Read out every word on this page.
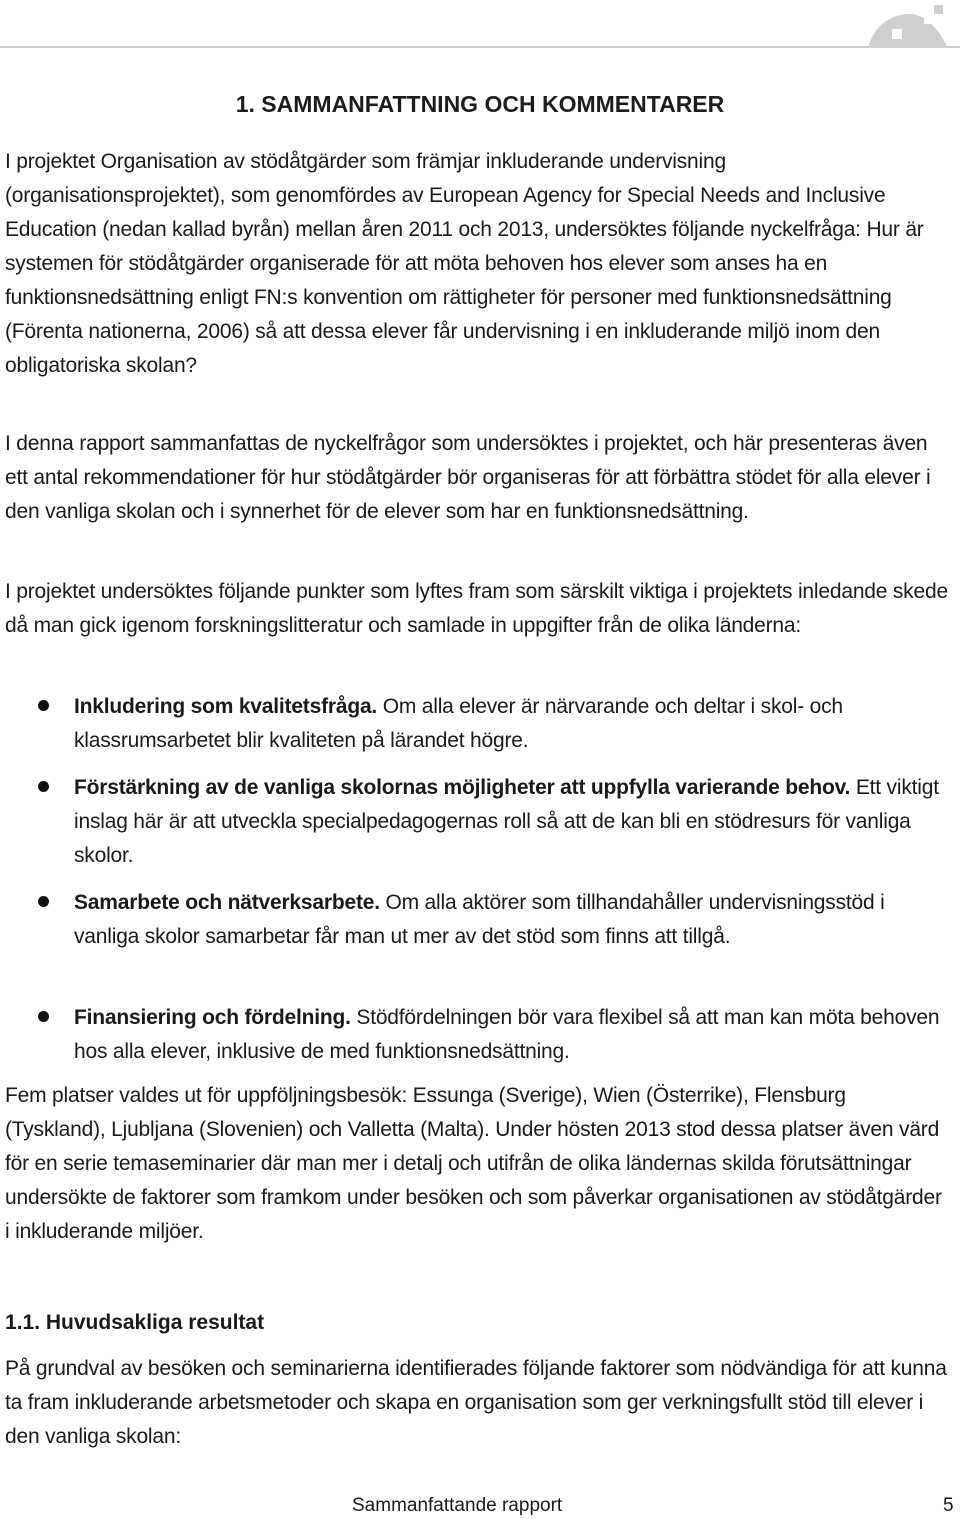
1. SAMMANFATTNING OCH KOMMENTARER

I projektet Organisation av stödåtgärder som främjar inkluderande undervisning (organisationsprojektet), som genomfördes av European Agency for Special Needs and Inclusive Education (nedan kallad byrån) mellan åren 2011 och 2013, undersöktes följande nyckelfråga: Hur är systemen för stödåtgärder organiserade för att möta behoven hos elever som anses ha en funktionsnedsättning enligt FN:s konvention om rättigheter för personer med funktionsnedsättning (Förenta nationerna, 2006) så att dessa elever får undervisning i en inkluderande miljö inom den obligatoriska skolan?

I denna rapport sammanfattas de nyckelfrågor som undersöktes i projektet, och här presenteras även ett antal rekommendationer för hur stödåtgärder bör organiseras för att förbättra stödet för alla elever i den vanliga skolan och i synnerhet för de elever som har en funktionsnedsättning.

I projektet undersöktes följande punkter som lyftes fram som särskilt viktiga i projektets inledande skede då man gick igenom forskningslitteratur och samlade in uppgifter från de olika länderna:

Inkludering som kvalitetsfråga. Om alla elever är närvarande och deltar i skol- och klassrumsarbetet blir kvaliteten på lärandet högre.
Förstärkning av de vanliga skolornas möjligheter att uppfylla varierande behov. Ett viktigt inslag här är att utveckla specialpedagogernas roll så att de kan bli en stödresurs för vanliga skolor.
Samarbete och nätverksarbete. Om alla aktörer som tillhandahåller undervisningsstöd i vanliga skolor samarbetar får man ut mer av det stöd som finns att tillgå.
Finansiering och fördelning. Stödfördelningen bör vara flexibel så att man kan möta behoven hos alla elever, inklusive de med funktionsnedsättning.

Fem platser valdes ut för uppföljningsbesök: Essunga (Sverige), Wien (Österrike), Flensburg (Tyskland), Ljubljana (Slovenien) och Valletta (Malta). Under hösten 2013 stod dessa platser även värd för en serie temaseminarier där man mer i detalj och utifrån de olika ländernas skilda förutsättningar undersökte de faktorer som framkom under besöken och som påverkar organisationen av stödåtgärder i inkluderande miljöer.

1.1. Huvudsakliga resultat

På grundval av besöken och seminarierna identifierades följande faktorer som nödvändiga för att kunna ta fram inkluderande arbetsmetoder och skapa en organisation som ger verkningsfullt stöd till elever i den vanliga skolan:

Sammanfattande rapport	5
